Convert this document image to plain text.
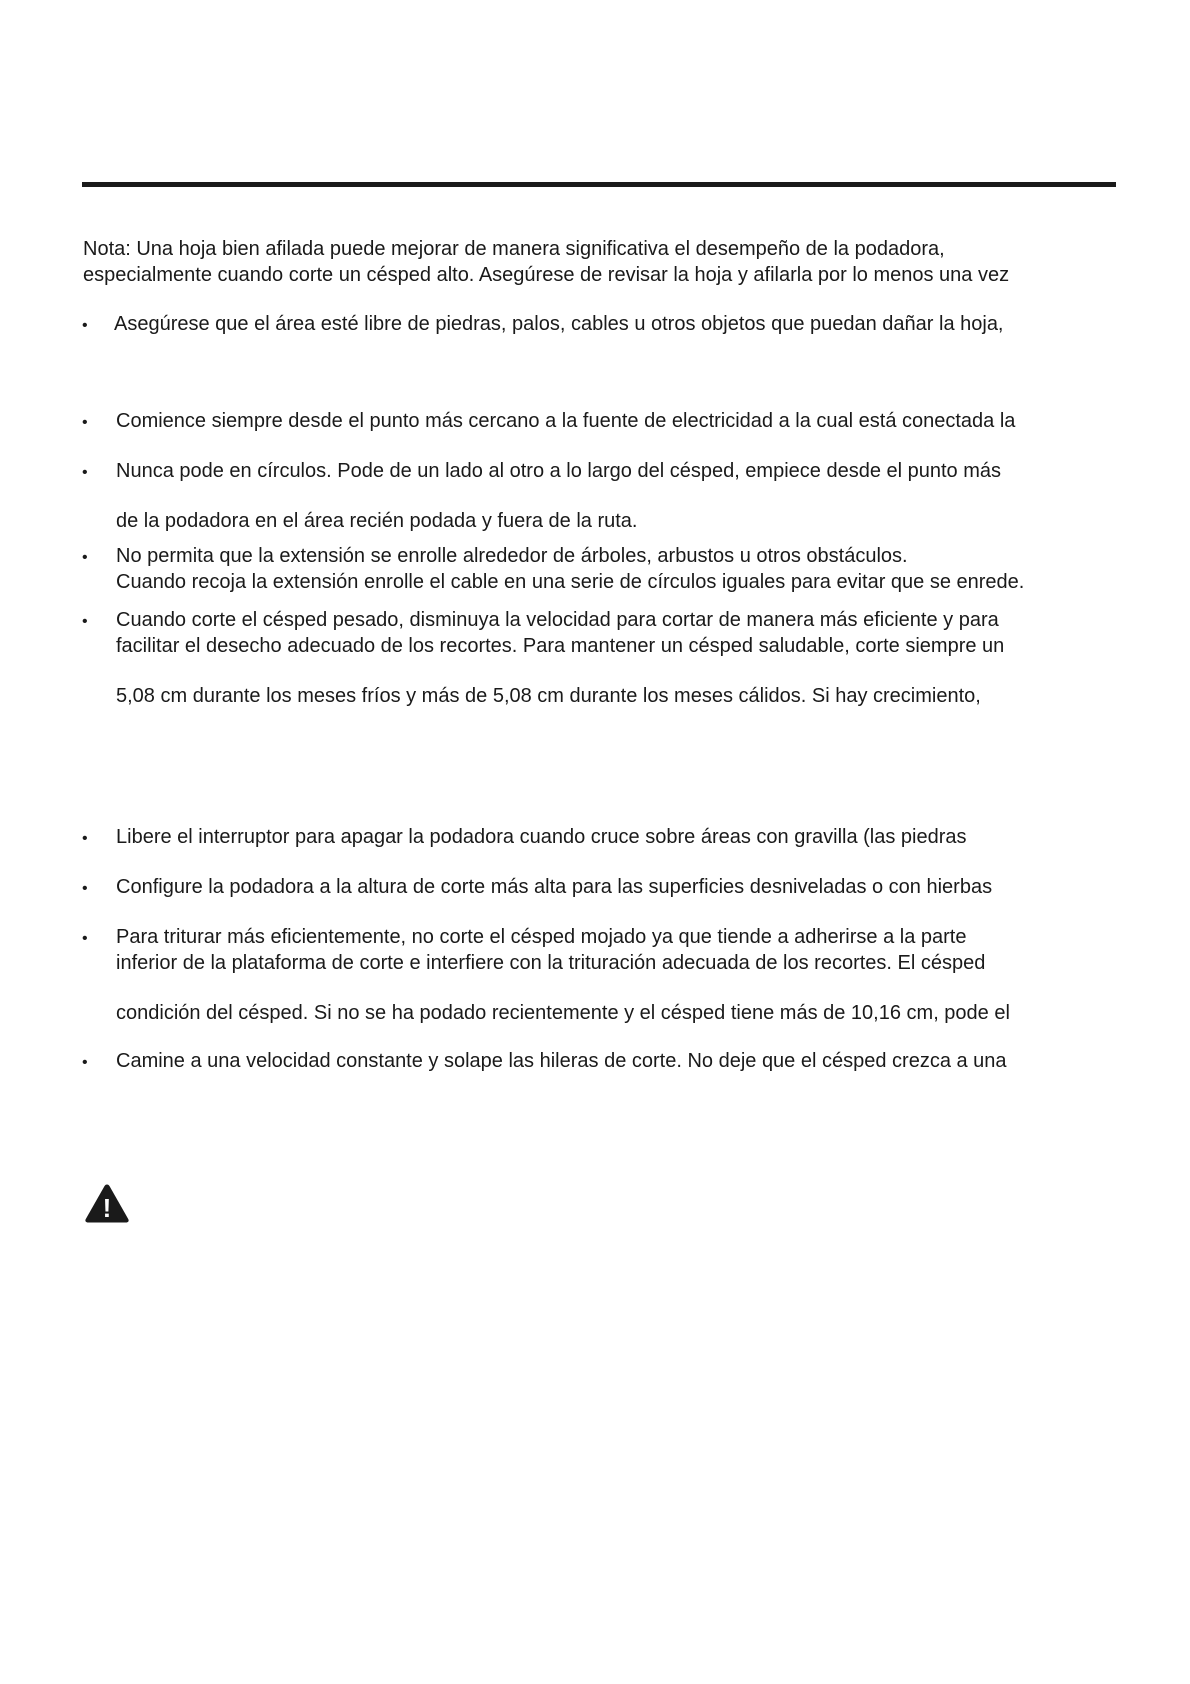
Nota: Una hoja bien afilada puede mejorar de manera significativa el desempeño de la podadora,
especialmente cuando corte un césped alto. Asegúrese de revisar la hoja y afilarla por lo menos una vez
• Asegúrese que el área esté libre de piedras, palos, cables u otros objetos que puedan dañar la hoja,
• Comience siempre desde el punto más cercano a la fuente de electricidad a la cual está conectada la
• Nunca pode en círculos. Pode de un lado al otro a lo largo del césped, empiece desde el punto más
de la podadora en el área recién podada y fuera de la ruta.
• No permita que la extensión se enrolle alrededor de árboles, arbustos u otros obstáculos.
Cuando recoja la extensión enrolle el cable en una serie de círculos iguales para evitar que se enrede.
• Cuando corte el césped pesado, disminuya la velocidad para cortar de manera más eficiente y para
facilitar el desecho adecuado de los recortes. Para mantener un césped saludable, corte siempre un
5,08 cm durante los meses fríos y más de 5,08 cm durante los meses cálidos. Si hay crecimiento,
• Libere el interruptor para apagar la podadora cuando cruce sobre áreas con gravilla (las piedras
• Configure la podadora a la altura de corte más alta para las superficies desniveladas o con hierbas
• Para triturar más eficientemente, no corte el césped mojado ya que tiende a adherirse a la parte
inferior de la plataforma de corte e interfiere con la trituración adecuada de los recortes. El césped
condición del césped. Si no se ha podado recientemente y el césped tiene más de 10,16 cm, pode el
• Camine a una velocidad constante y solape las hileras de corte. No deje que el césped crezca a una
!
